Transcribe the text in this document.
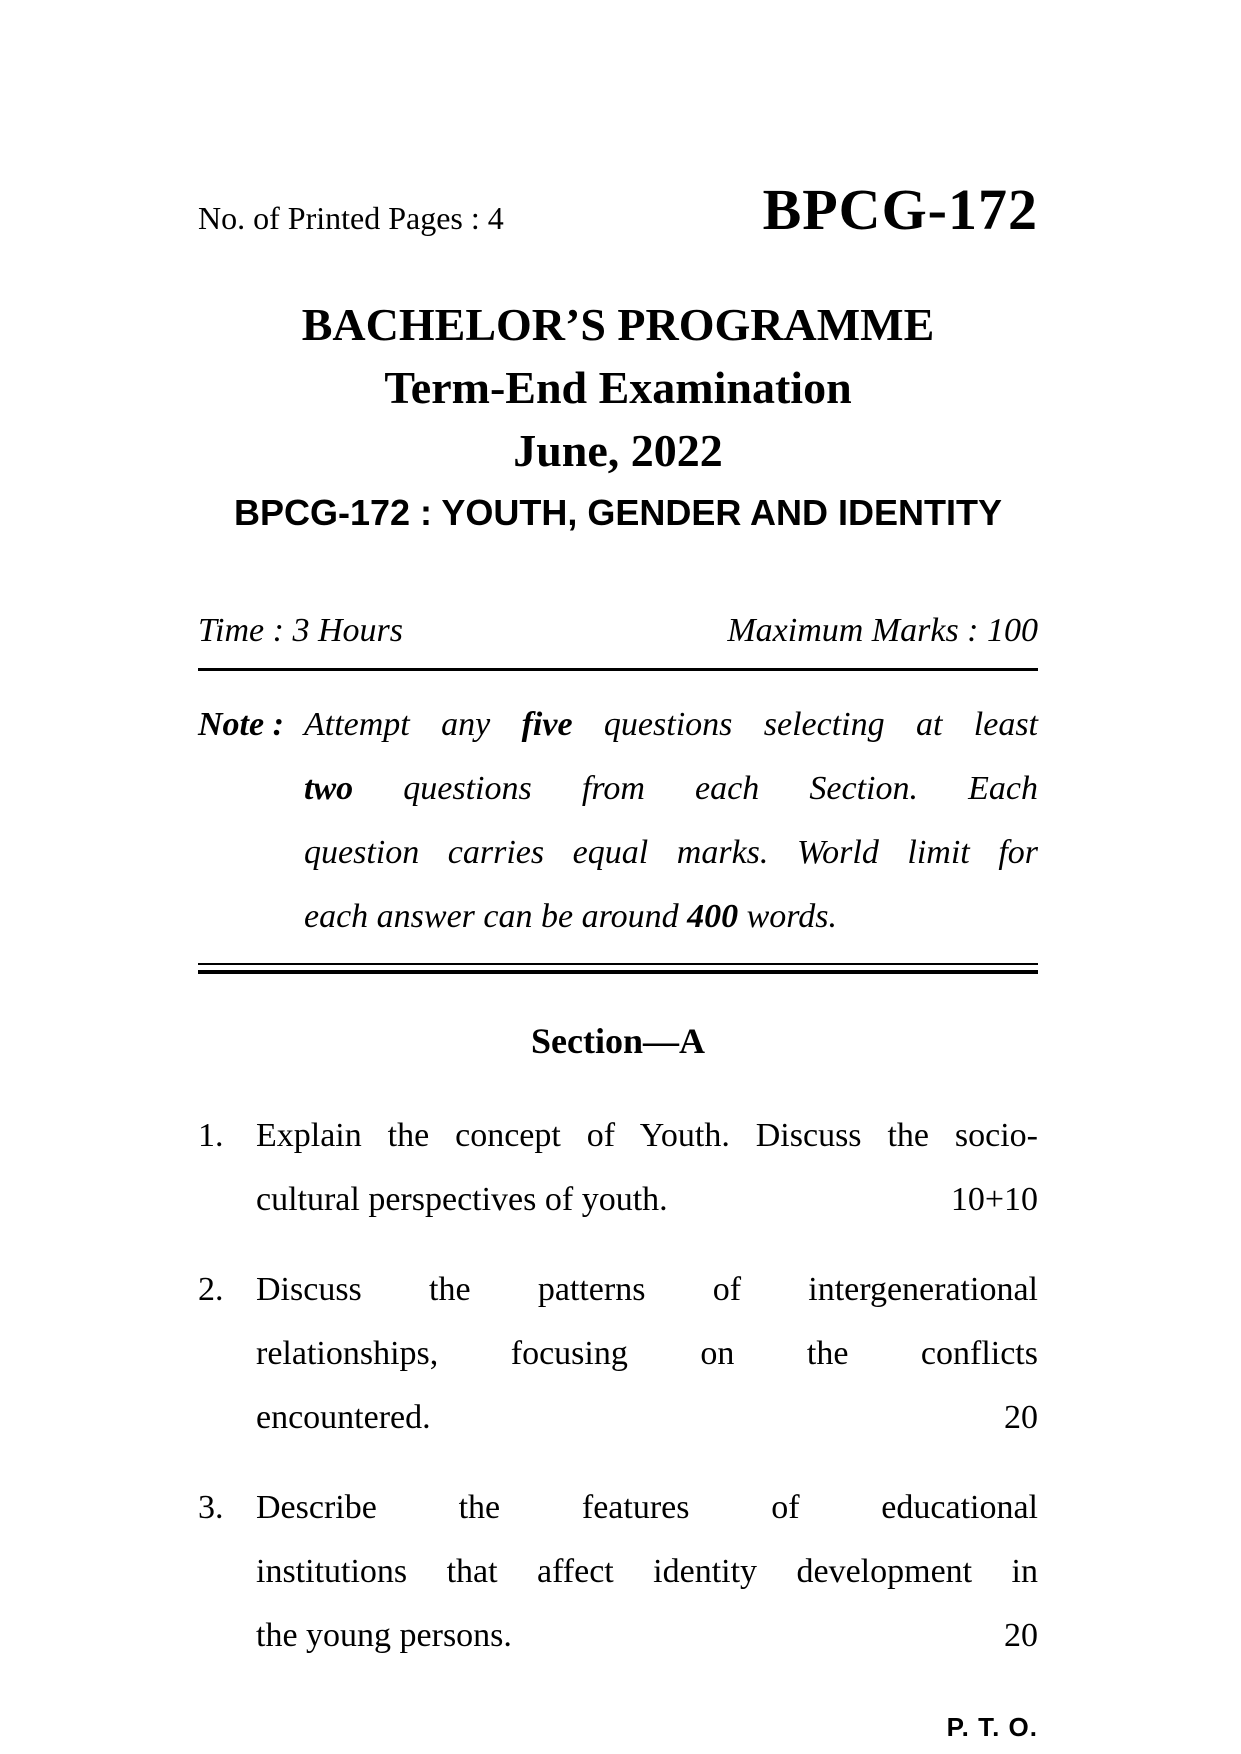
No. of Printed Pages : 4	BPCG-172
BACHELOR’S PROGRAMME
Term-End Examination
June, 2022
BPCG-172 : YOUTH, GENDER AND IDENTITY
Time : 3 Hours	Maximum Marks : 100
Note : Attempt any five questions selecting at least
two questions from each Section. Each
question carries equal marks. World limit for
each answer can be around 400 words.
Section—A
1. Explain the concept of Youth. Discuss the socio-
cultural perspectives of youth.	10+10
2. Discuss the patterns of intergenerational
relationships, focusing on the conflicts
encountered.	20
3. Describe the features of educational
institutions that affect identity development in
the young persons.	20
P. T. O.
